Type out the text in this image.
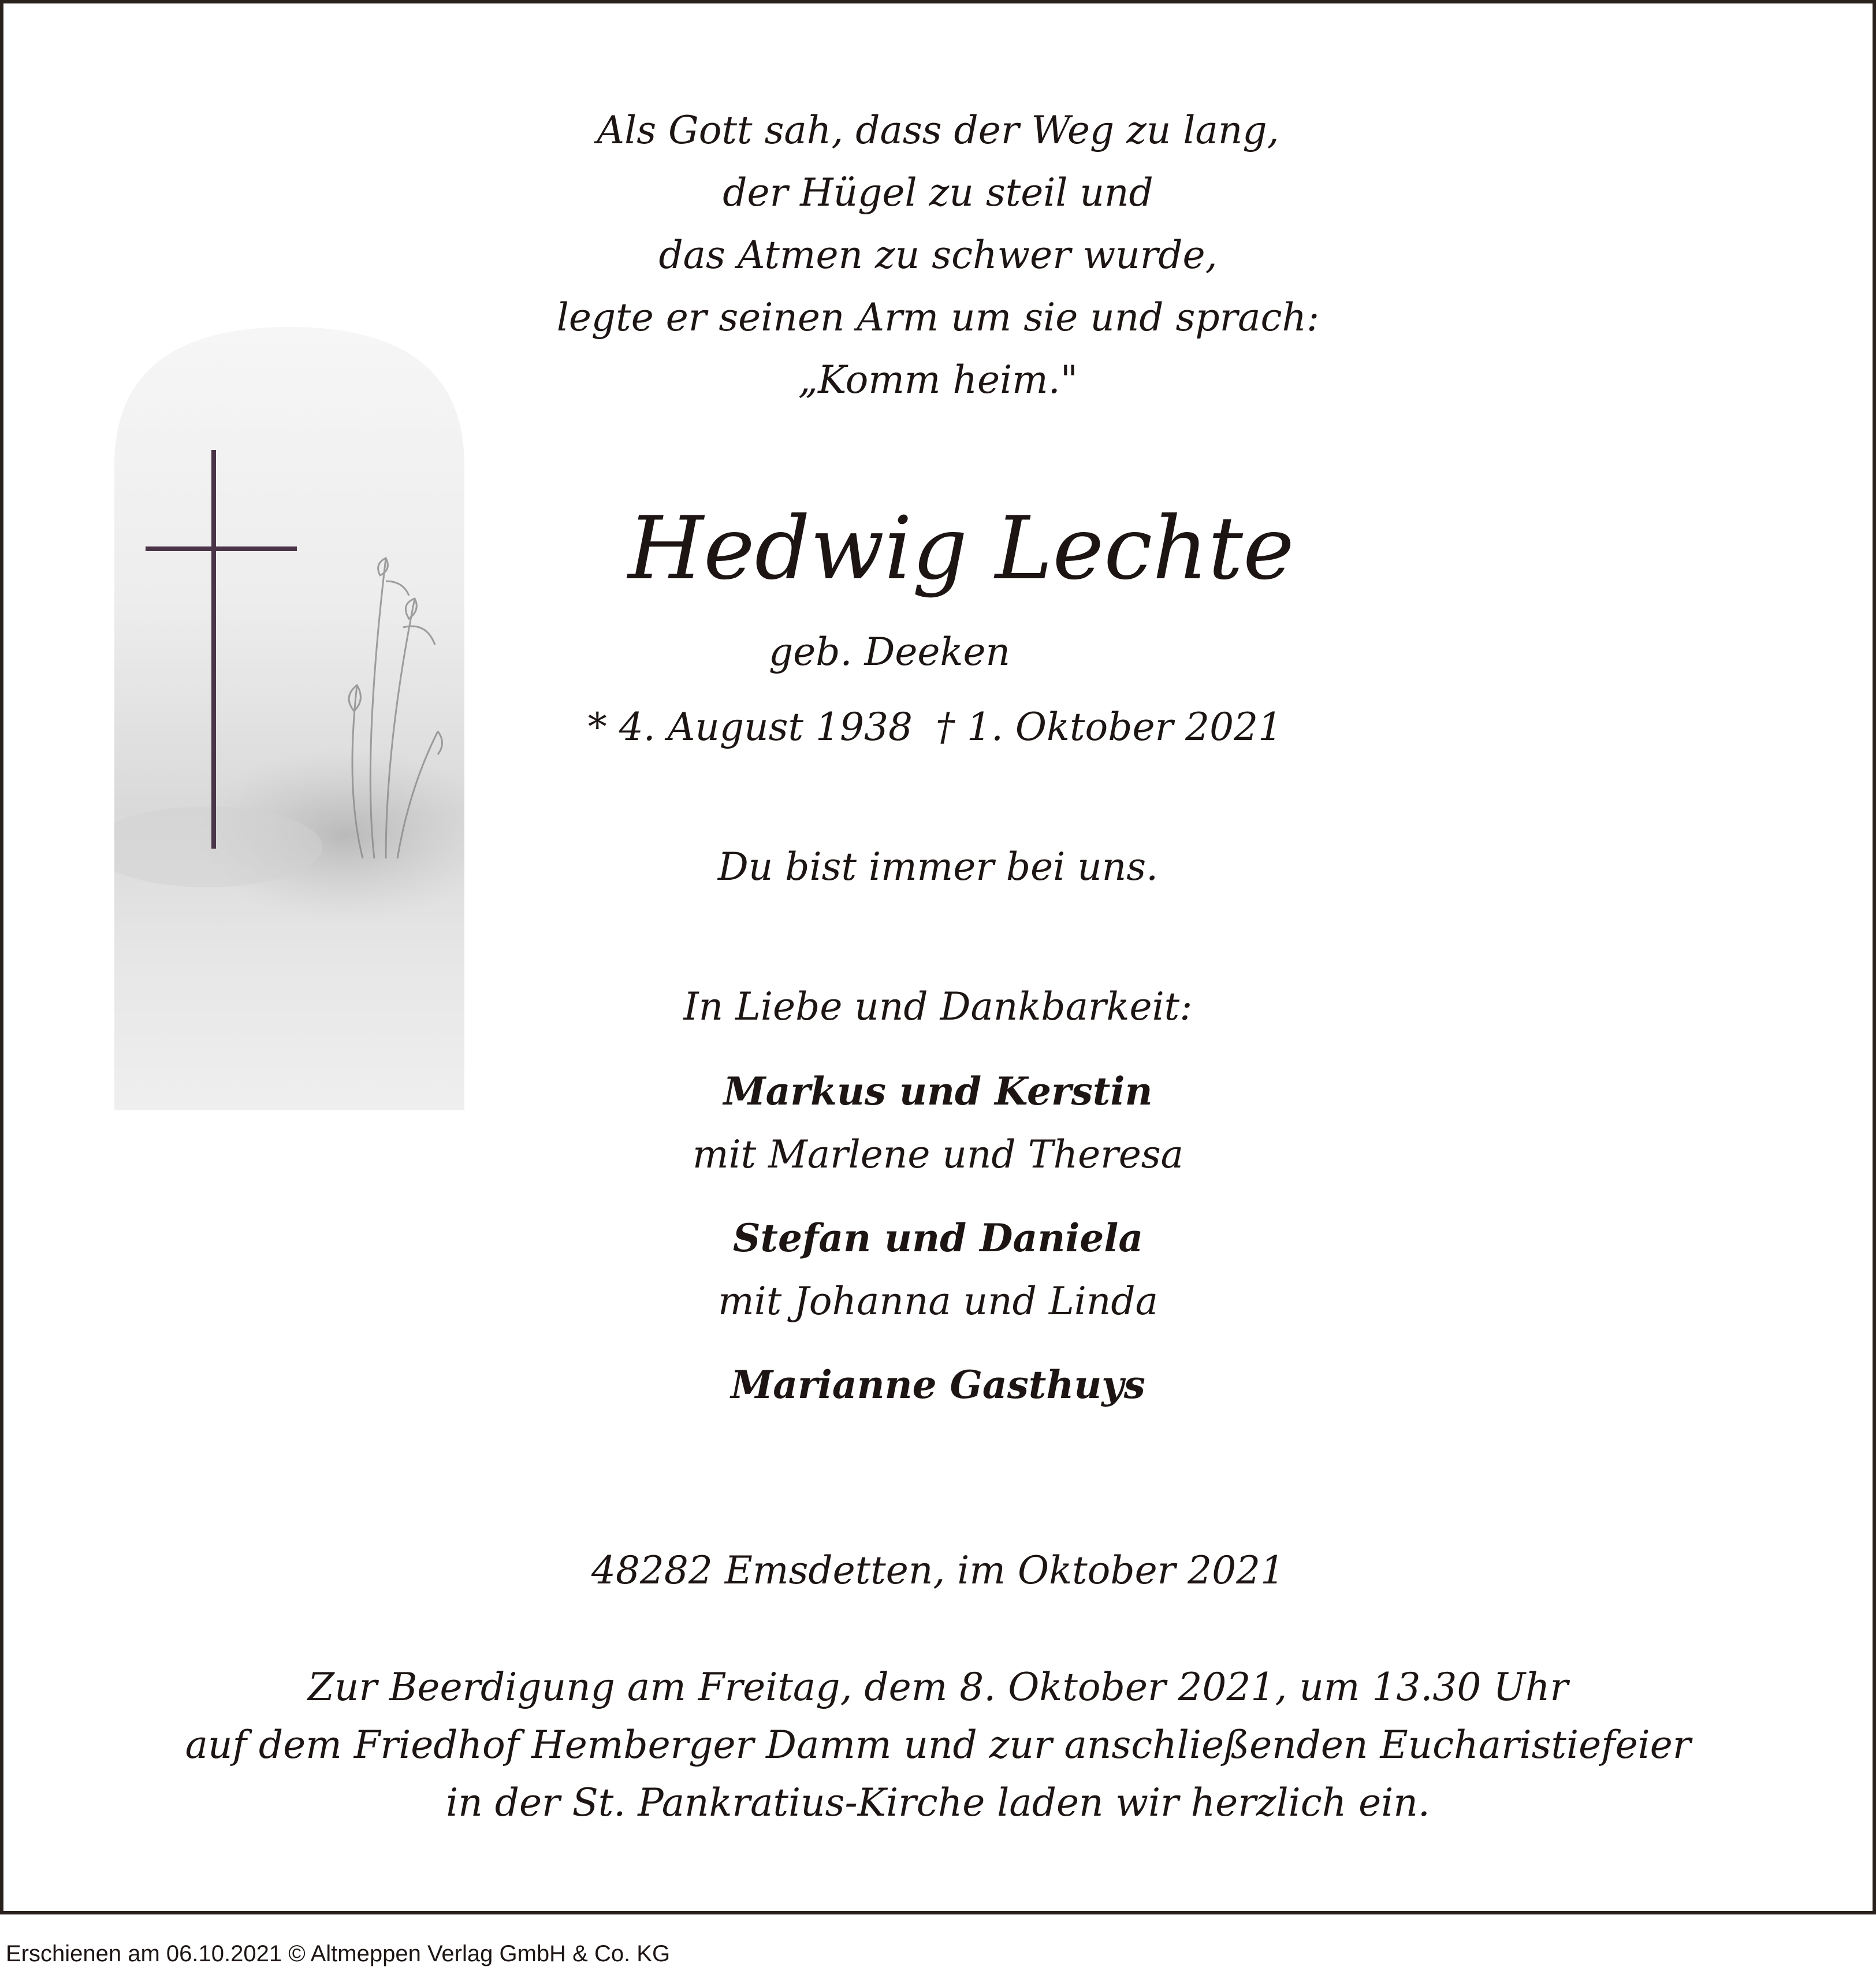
Als Gott sah, dass der Weg zu lang,
der Hügel zu steil und
das Atmen zu schwer wurde,
legte er seinen Arm um sie und sprach:
„Komm heim."
Hedwig Lechte
geb. Deeken
* 4. August 1938 † 1. Oktober 2021
Du bist immer bei uns.
In Liebe und Dankbarkeit:
Markus und Kerstin
mit Marlene und Theresa
Stefan und Daniela
mit Johanna und Linda
Marianne Gasthuys
48282 Emsdetten, im Oktober 2021
Zur Beerdigung am Freitag, dem 8. Oktober 2021, um 13.30 Uhr
auf dem Friedhof Hemberger Damm und zur anschließenden Eucharistiefeier
in der St. Pankratius-Kirche laden wir herzlich ein.
Erschienen am 06.10.2021 © Altmeppen Verlag GmbH & Co. KG
